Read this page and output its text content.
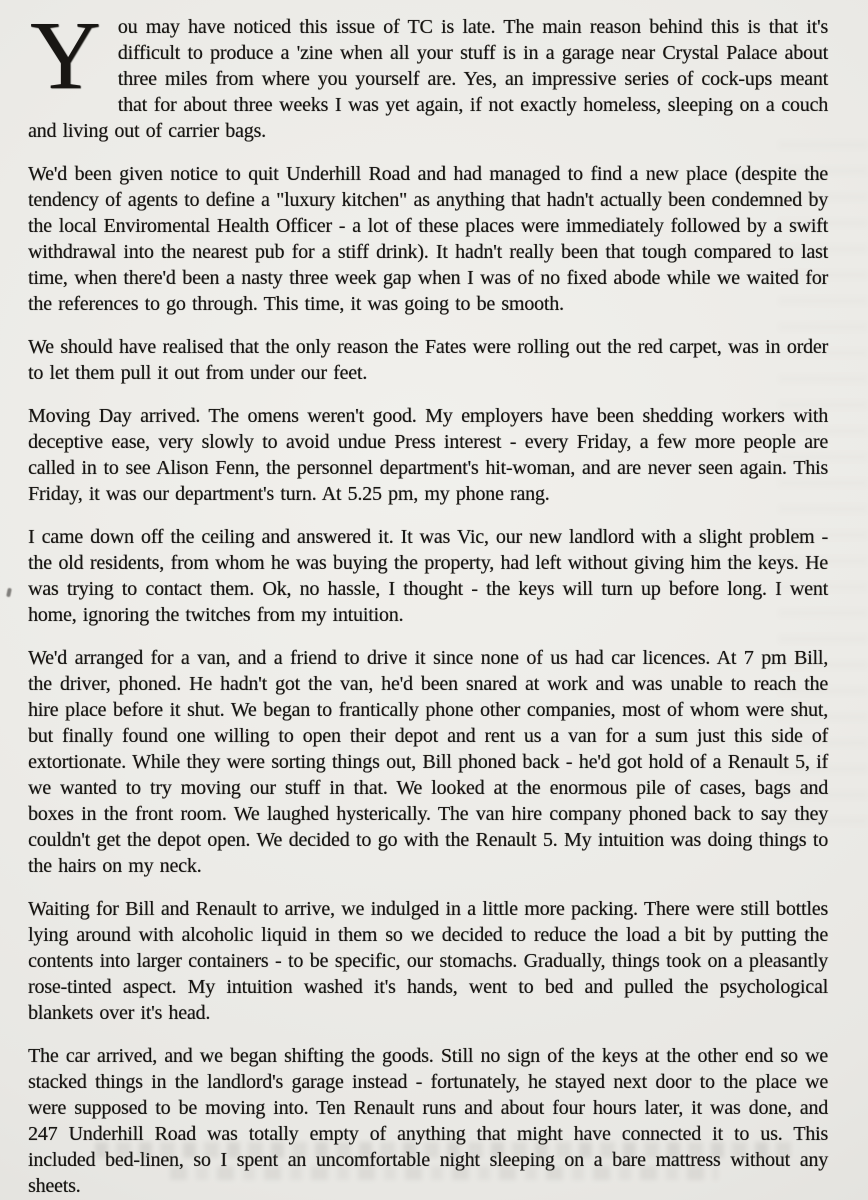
You may have noticed this issue of TC is late. The main reason behind this is that it's difficult to produce a 'zine when all your stuff is in a garage near Crystal Palace about three miles from where you yourself are. Yes, an impressive series of cock-ups meant that for about three weeks I was yet again, if not exactly homeless, sleeping on a couch and living out of carrier bags.

We'd been given notice to quit Underhill Road and had managed to find a new place (despite the tendency of agents to define a "luxury kitchen" as anything that hadn't actually been condemned by the local Enviromental Health Officer - a lot of these places were immediately followed by a swift withdrawal into the nearest pub for a stiff drink). It hadn't really been that tough compared to last time, when there'd been a nasty three week gap when I was of no fixed abode while we waited for the references to go through. This time, it was going to be smooth.

We should have realised that the only reason the Fates were rolling out the red carpet, was in order to let them pull it out from under our feet.

Moving Day arrived. The omens weren't good. My employers have been shedding workers with deceptive ease, very slowly to avoid undue Press interest - every Friday, a few more people are called in to see Alison Fenn, the personnel department's hit-woman, and are never seen again. This Friday, it was our department's turn. At 5.25 pm, my phone rang.

I came down off the ceiling and answered it. It was Vic, our new landlord with a slight problem - the old residents, from whom he was buying the property, had left without giving him the keys. He was trying to contact them. Ok, no hassle, I thought - the keys will turn up before long. I went home, ignoring the twitches from my intuition.

We'd arranged for a van, and a friend to drive it since none of us had car licences. At 7 pm Bill, the driver, phoned. He hadn't got the van, he'd been snared at work and was unable to reach the hire place before it shut. We began to frantically phone other companies, most of whom were shut, but finally found one willing to open their depot and rent us a van for a sum just this side of extortionate. While they were sorting things out, Bill phoned back - he'd got hold of a Renault 5, if we wanted to try moving our stuff in that. We looked at the enormous pile of cases, bags and boxes in the front room. We laughed hysterically. The van hire company phoned back to say they couldn't get the depot open. We decided to go with the Renault 5. My intuition was doing things to the hairs on my neck.

Waiting for Bill and Renault to arrive, we indulged in a little more packing. There were still bottles lying around with alcoholic liquid in them so we decided to reduce the load a bit by putting the contents into larger containers - to be specific, our stomachs. Gradually, things took on a pleasantly rose-tinted aspect. My intuition washed it's hands, went to bed and pulled the psychological blankets over it's head.

The car arrived, and we began shifting the goods. Still no sign of the keys at the other end so we stacked things in the landlord's garage instead - fortunately, he stayed next door to the place we were supposed to be moving into. Ten Renault runs and about four hours later, it was done, and 247 Underhill Road was totally empty of anything that might have connected it to us. This included bed-linen, so I spent an uncomfortable night sleeping on a bare mattress without any sheets.
